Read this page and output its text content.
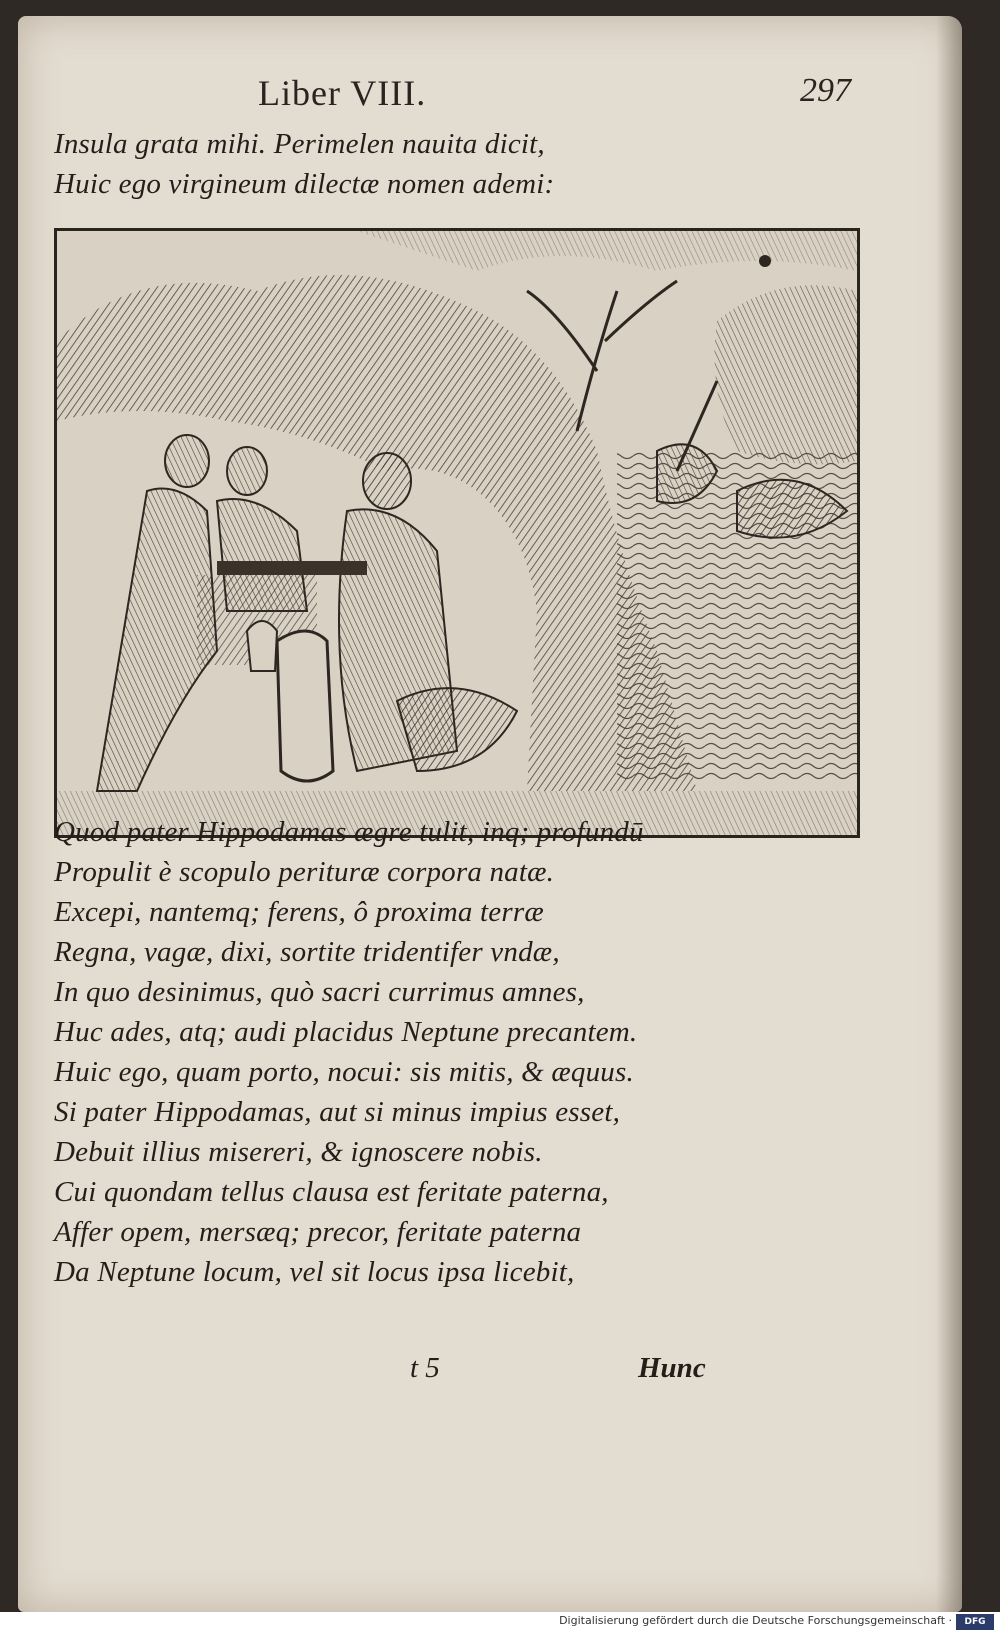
Liber VIII.	297
Insula grata mihi. Perimelen nauita dicit,
Huic ego virgineum dilectæ nomen ademi:
Quod pater Hippodamas ægre tulit, inq; profundū
Propulit è scopulo perituræ corpora natæ.
Excepi, nantemq; ferens, ô proxima terræ
Regna, vagæ, dixi, sortite tridentifer vndæ,
In quo desinimus, quò sacri currimus amnes,
Huc ades, atq; audi placidus Neptune precantem.
Huic ego, quam porto, nocui: sis mitis, & æquus.
Si pater Hippodamas, aut si minus impius esset,
Debuit illius misereri, & ignoscere nobis.
Cui quondam tellus clausa est feritate paterna,
Affer opem, mersæq; precor, feritate paterna
Da Neptune locum, vel sit locus ipsa licebit,
t 5	Hunc
Digitalisierung gefördert durch die Deutsche Forschungsgemeinschaft ·	DFG
